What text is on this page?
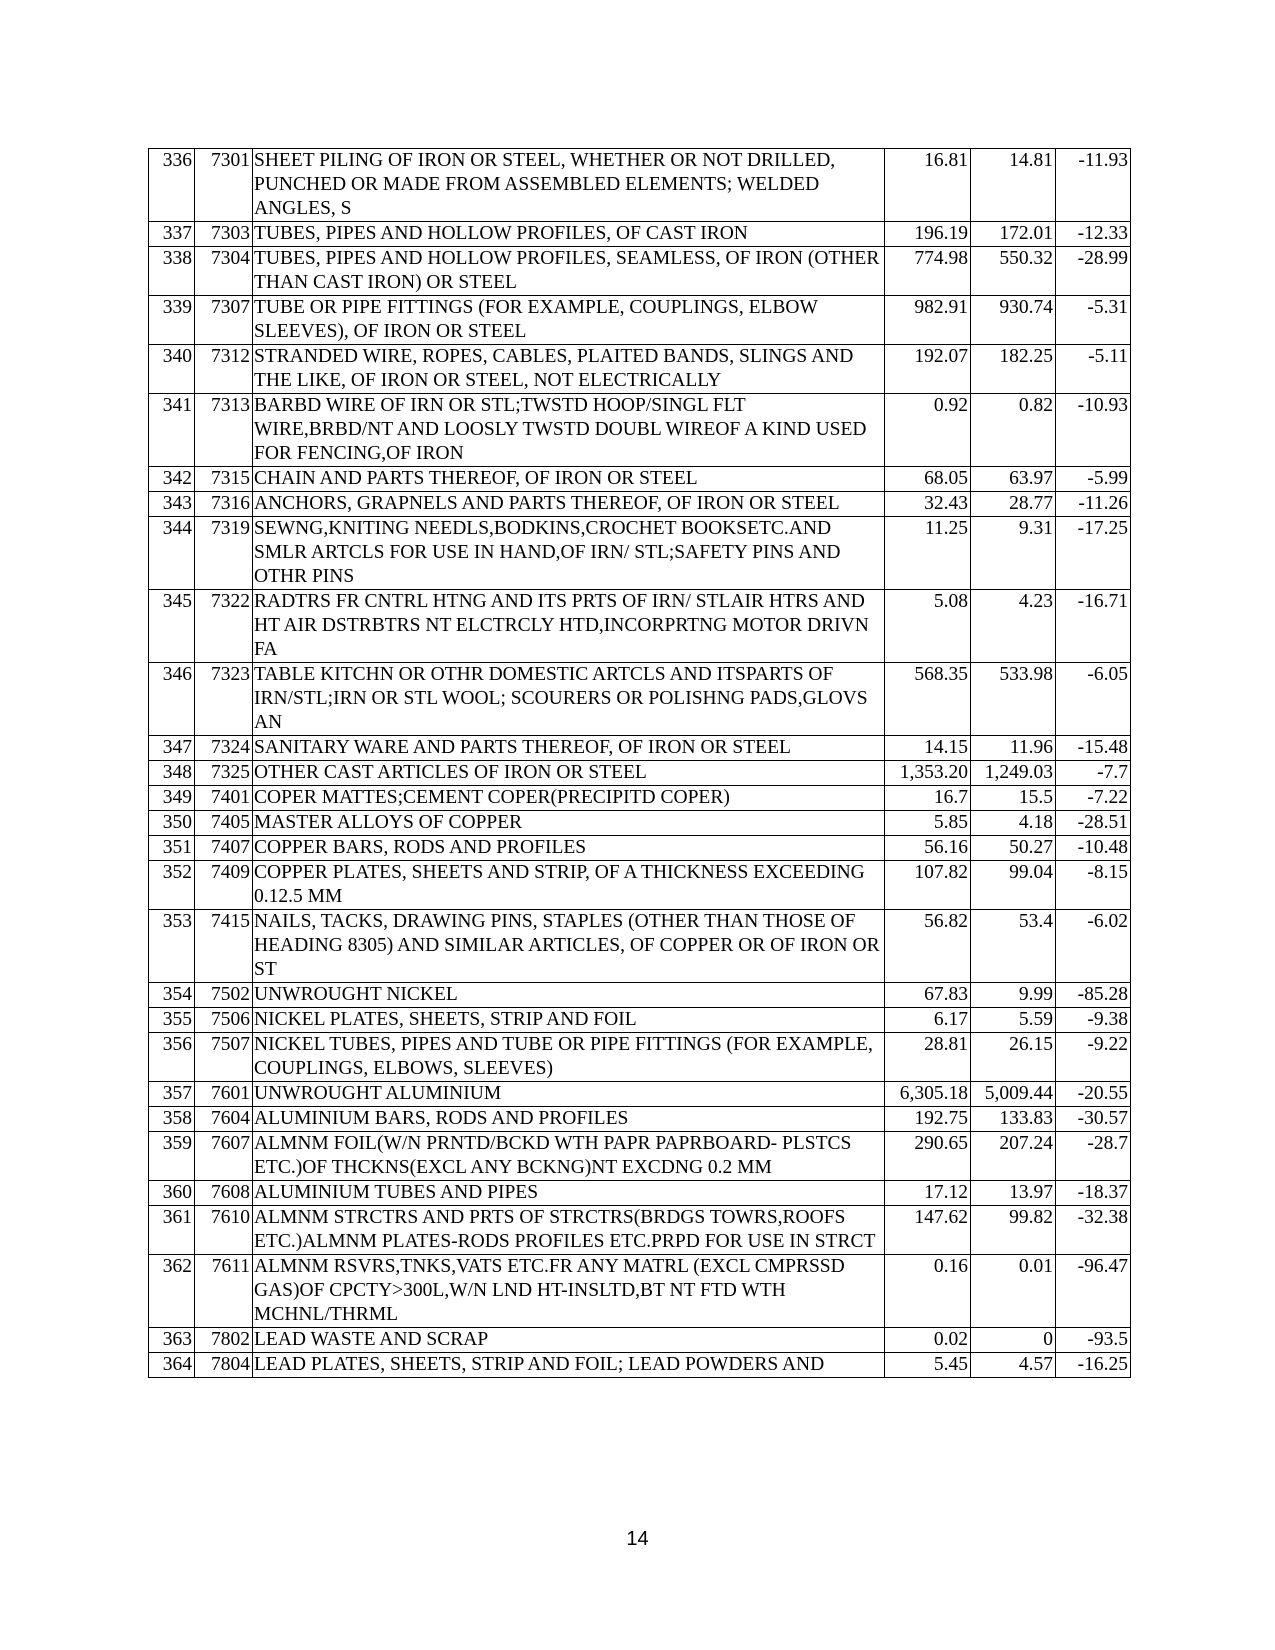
336	7301	SHEET PILING OF IRON OR STEEL, WHETHER OR NOT DRILLED, PUNCHED OR MADE FROM ASSEMBLED ELEMENTS; WELDED ANGLES, S	16.81	14.81	-11.93
337	7303	TUBES, PIPES AND HOLLOW PROFILES, OF CAST IRON	196.19	172.01	-12.33
338	7304	TUBES, PIPES AND HOLLOW PROFILES, SEAMLESS, OF IRON (OTHER THAN CAST IRON) OR STEEL	774.98	550.32	-28.99
339	7307	TUBE OR PIPE FITTINGS (FOR EXAMPLE, COUPLINGS, ELBOW SLEEVES), OF IRON OR STEEL	982.91	930.74	-5.31
340	7312	STRANDED WIRE, ROPES, CABLES, PLAITED BANDS, SLINGS AND THE LIKE, OF IRON OR STEEL, NOT ELECTRICALLY	192.07	182.25	-5.11
341	7313	BARBD WIRE OF IRN OR STL;TWSTD HOOP/SINGL FLT WIRE,BRBD/NT AND LOOSLY TWSTD DOUBL WIREOF A KIND USED FOR FENCING,OF IRON	0.92	0.82	-10.93
342	7315	CHAIN AND PARTS THEREOF, OF IRON OR STEEL	68.05	63.97	-5.99
343	7316	ANCHORS, GRAPNELS AND PARTS THEREOF, OF IRON OR STEEL	32.43	28.77	-11.26
344	7319	SEWNG,KNITING NEEDLS,BODKINS,CROCHET BOOKSETC.AND SMLR ARTCLS FOR USE IN HAND,OF IRN/ STL;SAFETY PINS AND OTHR PINS	11.25	9.31	-17.25
345	7322	RADTRS FR CNTRL HTNG AND ITS PRTS OF IRN/ STLAIR HTRS AND HT AIR DSTRBTRS NT ELCTRCLY HTD,INCORPRTNG MOTOR DRIVN FA	5.08	4.23	-16.71
346	7323	TABLE KITCHN OR OTHR DOMESTIC ARTCLS AND ITSPARTS OF IRN/STL;IRN OR STL WOOL; SCOURERS OR POLISHNG PADS,GLOVS AN	568.35	533.98	-6.05
347	7324	SANITARY WARE AND PARTS THEREOF, OF IRON OR STEEL	14.15	11.96	-15.48
348	7325	OTHER CAST ARTICLES OF IRON OR STEEL	1,353.20	1,249.03	-7.7
349	7401	COPER MATTES;CEMENT COPER(PRECIPITD COPER)	16.7	15.5	-7.22
350	7405	MASTER ALLOYS OF COPPER	5.85	4.18	-28.51
351	7407	COPPER BARS, RODS AND PROFILES	56.16	50.27	-10.48
352	7409	COPPER PLATES, SHEETS AND STRIP, OF A THICKNESS EXCEEDING 0.12.5 MM	107.82	99.04	-8.15
353	7415	NAILS, TACKS, DRAWING PINS, STAPLES (OTHER THAN THOSE OF HEADING 8305) AND SIMILAR ARTICLES, OF COPPER OR OF IRON OR ST	56.82	53.4	-6.02
354	7502	UNWROUGHT NICKEL	67.83	9.99	-85.28
355	7506	NICKEL PLATES, SHEETS, STRIP AND FOIL	6.17	5.59	-9.38
356	7507	NICKEL TUBES, PIPES AND TUBE OR PIPE FITTINGS (FOR EXAMPLE, COUPLINGS, ELBOWS, SLEEVES)	28.81	26.15	-9.22
357	7601	UNWROUGHT ALUMINIUM	6,305.18	5,009.44	-20.55
358	7604	ALUMINIUM BARS, RODS AND PROFILES	192.75	133.83	-30.57
359	7607	ALMNM FOIL(W/N PRNTD/BCKD WTH PAPR PAPRBOARD- PLSTCS ETC.)OF THCKNS(EXCL ANY BCKNG)NT EXCDNG 0.2 MM	290.65	207.24	-28.7
360	7608	ALUMINIUM TUBES AND PIPES	17.12	13.97	-18.37
361	7610	ALMNM STRCTRS AND PRTS OF STRCTRS(BRDGS TOWRS,ROOFS ETC.)ALMNM PLATES-RODS PROFILES ETC.PRPD FOR USE IN STRCT	147.62	99.82	-32.38
362	7611	ALMNM RSVRS,TNKS,VATS ETC.FR ANY MATRL (EXCL CMPRSSD GAS)OF CPCTY>300L,W/N LND HT-INSLTD,BT NT FTD WTH MCHNL/THRML	0.16	0.01	-96.47
363	7802	LEAD WASTE AND SCRAP	0.02	0	-93.5
364	7804	LEAD PLATES, SHEETS, STRIP AND FOIL; LEAD POWDERS AND	5.45	4.57	-16.25
14
